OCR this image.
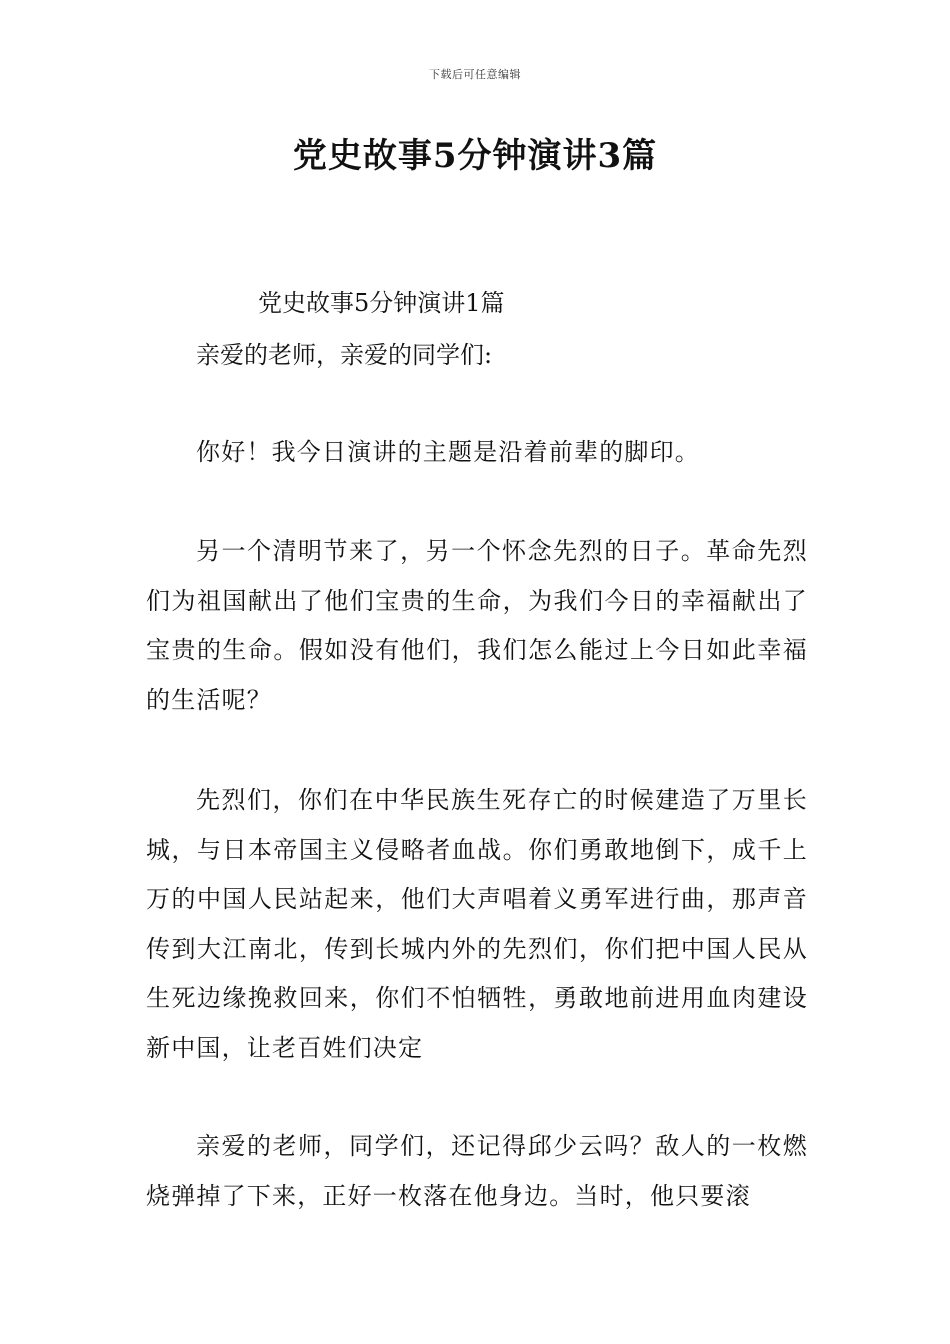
下载后可任意编辑
党史故事5分钟演讲3篇

党史故事5分钟演讲1篇

亲爱的老师，亲爱的同学们:

你好！我今日演讲的主题是沿着前辈的脚印。

另一个清明节来了，另一个怀念先烈的日子。革命先烈们为祖国献出了他们宝贵的生命，为我们今日的幸福献出了宝贵的生命。假如没有他们，我们怎么能过上今日如此幸福的生活呢？

先烈们，你们在中华民族生死存亡的时候建造了万里长城，与日本帝国主义侵略者血战。你们勇敢地倒下，成千上万的中国人民站起来，他们大声唱着义勇军进行曲，那声音传到大江南北，传到长城内外的先烈们，你们把中国人民从生死边缘挽救回来，你们不怕牺牲，勇敢地前进用血肉建设新中国，让老百姓们决定

亲爱的老师，同学们，还记得邱少云吗？敌人的一枚燃烧弹掉了下来，正好一枚落在他身边。当时，他只要滚
